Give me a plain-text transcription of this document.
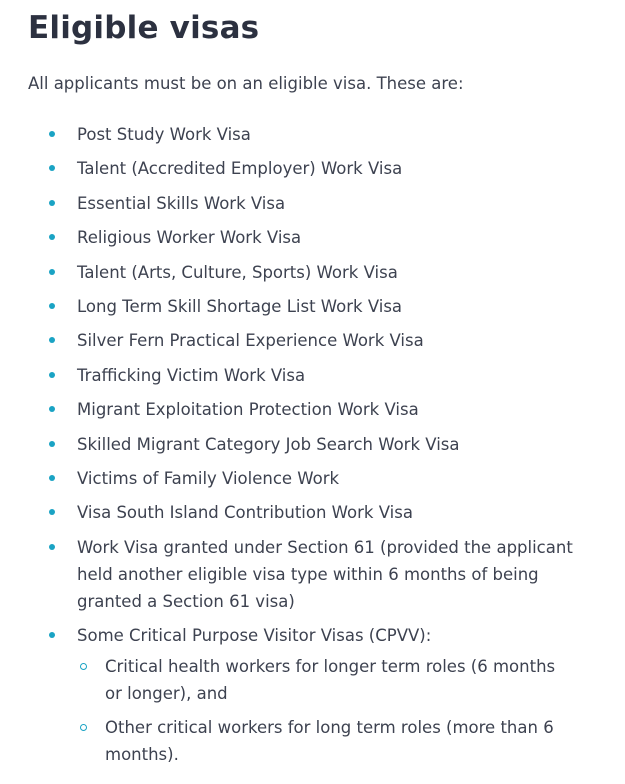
Eligible visas

All applicants must be on an eligible visa. These are:

Post Study Work Visa
Talent (Accredited Employer) Work Visa
Essential Skills Work Visa
Religious Worker Work Visa
Talent (Arts, Culture, Sports) Work Visa
Long Term Skill Shortage List Work Visa
Silver Fern Practical Experience Work Visa
Trafficking Victim Work Visa
Migrant Exploitation Protection Work Visa
Skilled Migrant Category Job Search Work Visa
Victims of Family Violence Work
Visa South Island Contribution Work Visa
Work Visa granted under Section 61 (provided the applicant held another eligible visa type within 6 months of being granted a Section 61 visa)
Some Critical Purpose Visitor Visas (CPVV):
Critical health workers for longer term roles (6 months or longer), and
Other critical workers for long term roles (more than 6 months).
